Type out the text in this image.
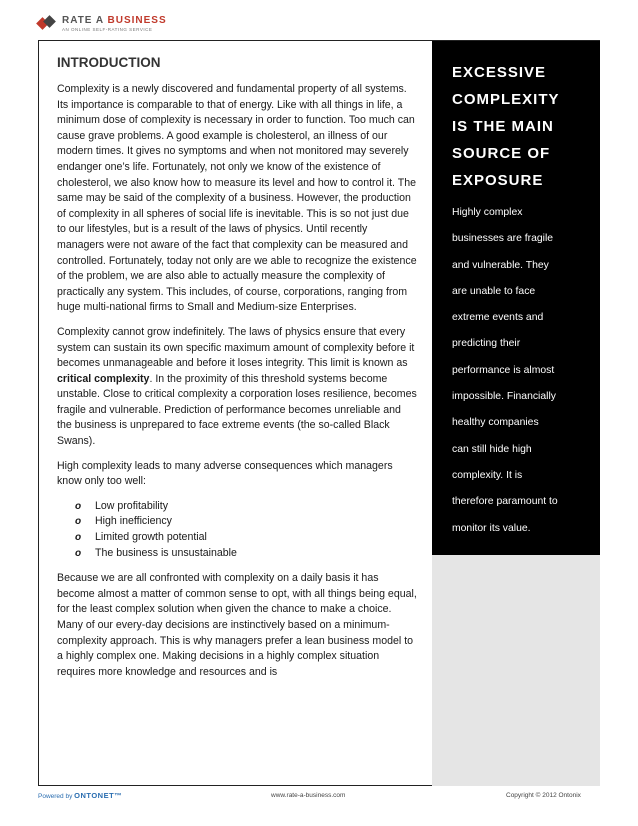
RATE A BUSINESS
AN ONLINE SELF-RATING SERVICE
INTRODUCTION

Complexity is a newly discovered and fundamental property of all systems. Its importance is comparable to that of energy. Like with all things in life, a minimum dose of complexity is necessary in order to function. Too much can cause grave problems. A good example is cholesterol, an illness of our modern times. It gives no symptoms and when not monitored may severely endanger one’s life. Fortunately, not only we know of the existence of cholesterol, we also know how to measure its level and how to control it. The same may be said of the complexity of a business. However, the production of complexity in all spheres of social life is inevitable. This is so not just due to our lifestyles, but is a result of the laws of physics. Until recently managers were not aware of the fact that complexity can be measured and controlled. Fortunately, today not only are we able to recognize the existence of the problem, we are also able to actually measure the complexity of practically any system. This includes, of course, corporations, ranging from huge multi-national firms to Small and Medium-size Enterprises.

Complexity cannot grow indefinitely. The laws of physics ensure that every system can sustain its own specific maximum amount of complexity before it becomes unmanageable and before it loses integrity. This limit is known as critical complexity. In the proximity of this threshold systems become unstable. Close to critical complexity a corporation loses resilience, becomes fragile and vulnerable. Prediction of performance becomes unreliable and the business is unprepared to face extreme events (the so-called Black Swans).

High complexity leads to many adverse consequences which managers know only too well:

o	Low profitability
o	High inefficiency
o	Limited growth potential
o	The business is unsustainable

Because we are all confronted with complexity on a daily basis it has become almost a matter of common sense to opt, with all things being equal, for the least complex solution when given the chance to make a choice. Many of our every-day decisions are instinctively based on a minimum-complexity approach. This is why managers prefer a lean business model to a highly complex one. Making decisions in a highly complex situation requires more knowledge and resources and is

EXCESSIVE
COMPLEXITY
IS THE MAIN
SOURCE OF
EXPOSURE
Highly complex
businesses are fragile
and vulnerable. They
are unable to face
extreme events and
predicting their
performance is almost
impossible. Financially
healthy companies
can still hide high
complexity. It is
therefore paramount to
monitor its value.
Powered by ONTONET™	www.rate-a-business.com	Copyright © 2012 Ontonix
